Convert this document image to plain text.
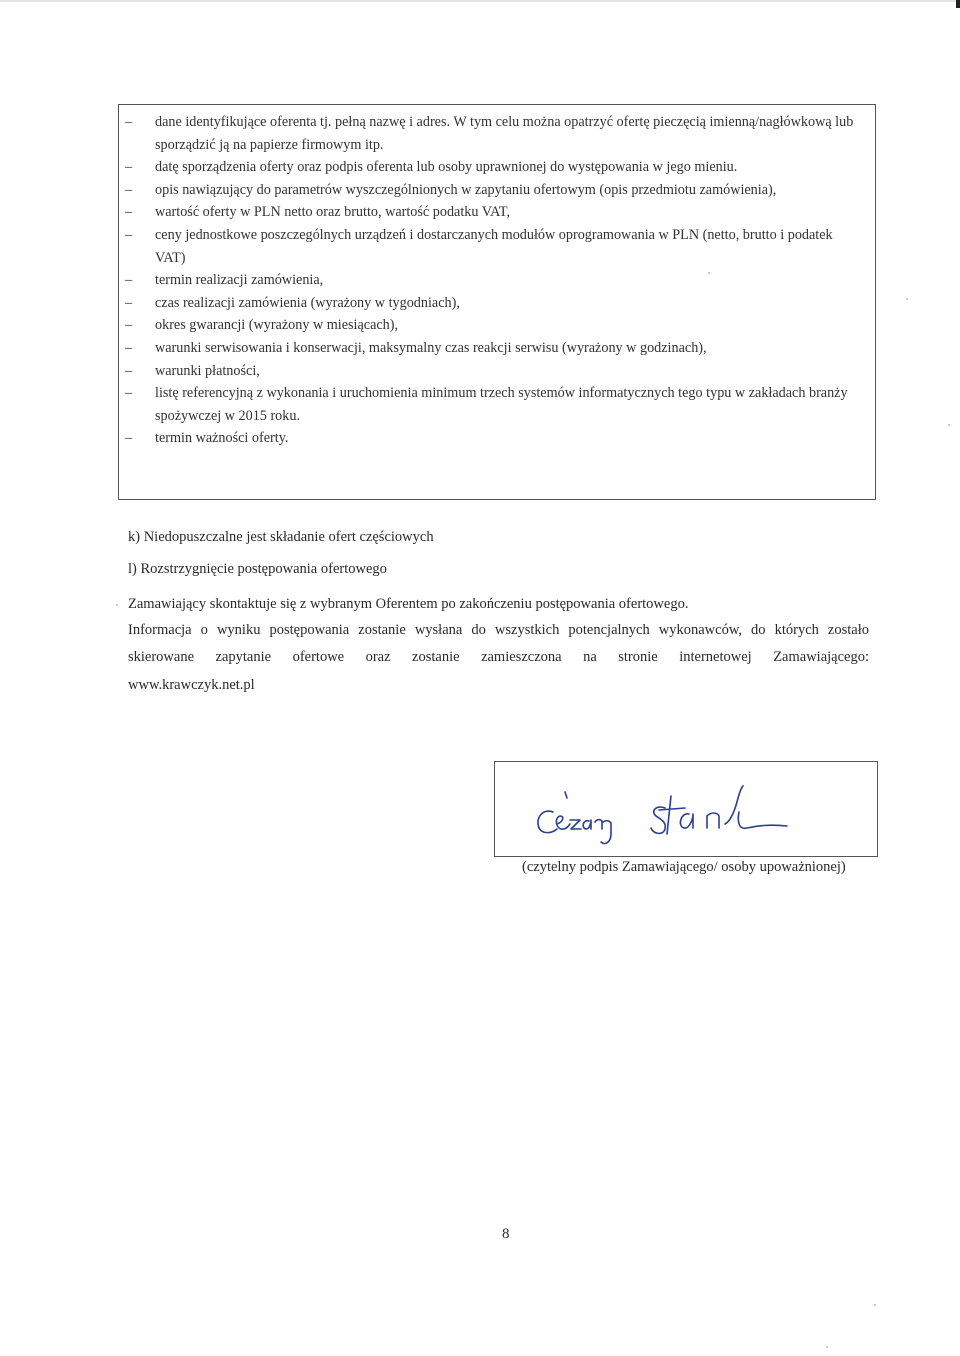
– dane identyfikujące oferenta tj. pełną nazwę i adres. W tym celu można opatrzyć ofertę pieczęcią imienną/nagłówkową lub sporządzić ją na papierze firmowym itp.
– datę sporządzenia oferty oraz podpis oferenta lub osoby uprawnionej do występowania w jego mieniu.
– opis nawiązujący do parametrów wyszczególnionych w zapytaniu ofertowym (opis przedmiotu zamówienia),
– wartość oferty w PLN netto oraz brutto, wartość podatku VAT,
– ceny jednostkowe poszczególnych urządzeń i dostarczanych modułów oprogramowania w PLN (netto, brutto i podatek VAT)
– termin realizacji zamówienia,
– czas realizacji zamówienia (wyrażony w tygodniach),
– okres gwarancji (wyrażony w miesiącach),
– warunki serwisowania i konserwacji, maksymalny czas reakcji serwisu (wyrażony w godzinach),
– warunki płatności,
– listę referencyjną z wykonania i uruchomienia minimum trzech systemów informatycznych tego typu w zakładach branży spożywczej w 2015 roku.
– termin ważności oferty.
k) Niedopuszczalne jest składanie ofert częściowych
l) Rozstrzygnięcie postępowania ofertowego
Zamawiający skontaktuje się z wybranym Oferentem po zakończeniu postępowania ofertowego.
Informacja o wyniku postępowania zostanie wysłana do wszystkich potencjalnych wykonawców, do których zostało
skierowane zapytanie ofertowe oraz zostanie zamieszczona na stronie internetowej Zamawiającego:
www.krawczyk.net.pl
(czytelny podpis Zamawiającego/ osoby upoważnionej)
8
